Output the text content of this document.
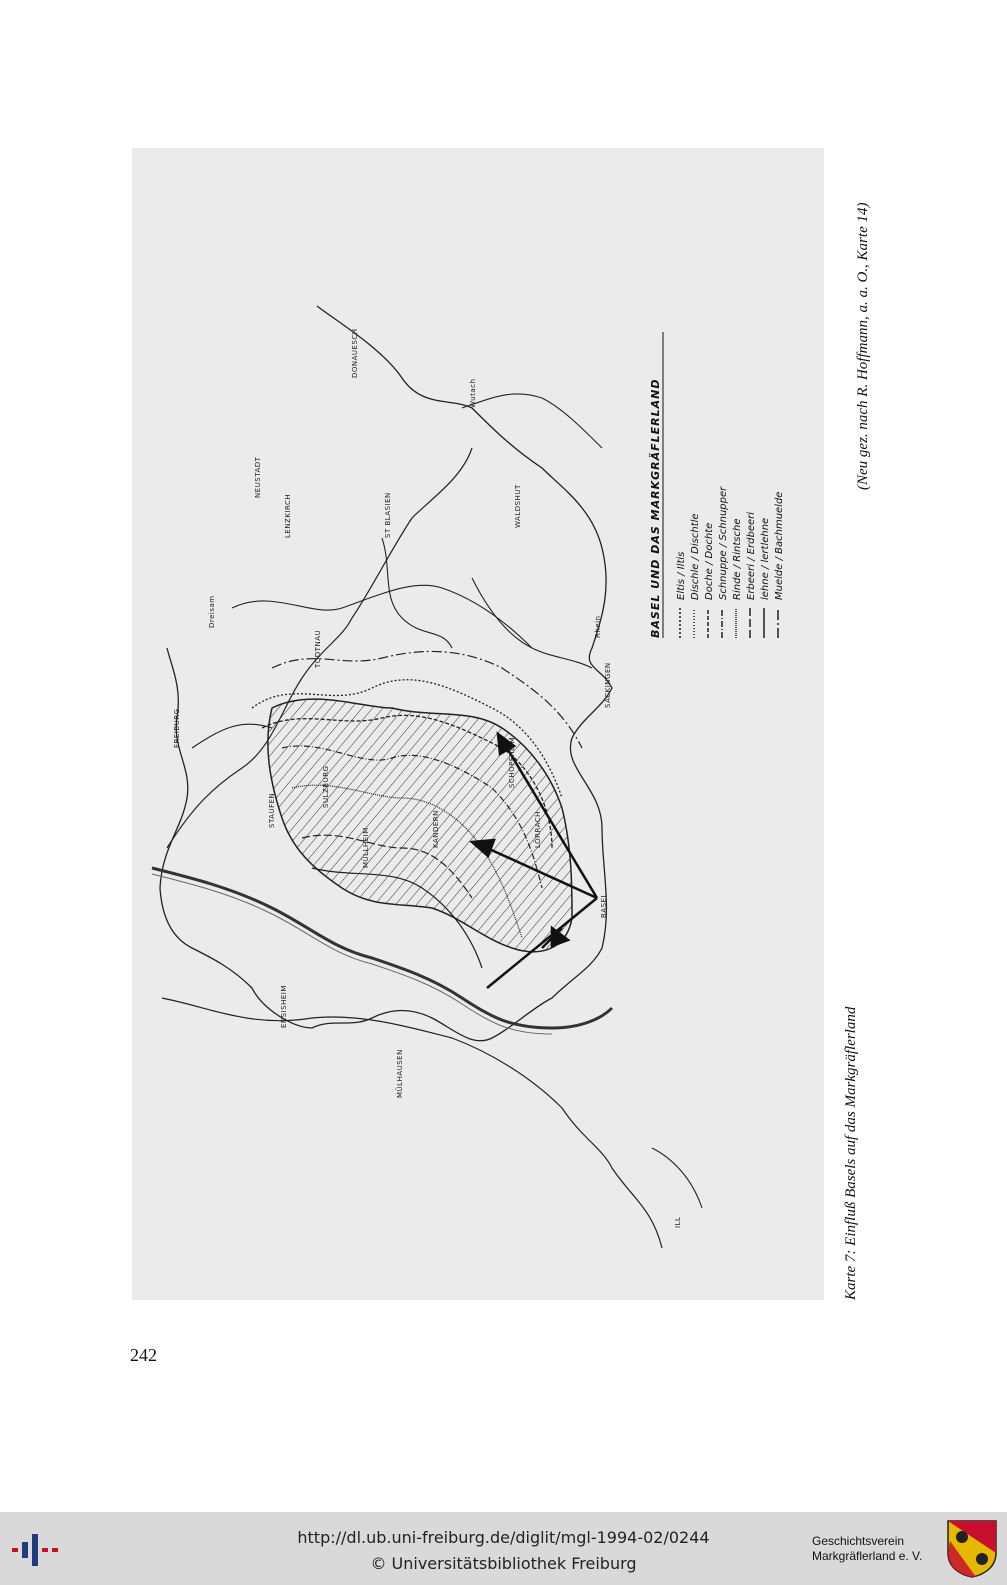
FREIBURG
NEUSTADT
DONAUESCH
LENZKIRCH	ST BLASIEN	WALDSHUT
TODTNAU
SÄCKINGEN
SCHOPFHEIM
LÖRRACH
BASEL
KANDERN
MÜLLHEIM
SULZBURG
STAUFEN
ENSISHEIM
MÜLHAUSEN
Rhein
Dreisam
Wutach
ILL
BASEL UND DAS MARKGRÄFLERLAND Eltis / Iltis Dischle / Dischtle Doche / Dochte Schnuppe / Schnupper Rinde / Rintsche Erbeeri / Erdbeeri lehne / lertlehne Muelde / Bachmuelde
Karte 7: Einfluß Basels auf das Markgräflerland
(Neu gez. nach R. Hoffmann, a. a. O., Karte 14)
242
http://dl.ub.uni-freiburg.de/diglit/mgl-1994-02/0244
© Universitätsbibliothek Freiburg
Geschichtsverein
Markgräflerland e. V.
